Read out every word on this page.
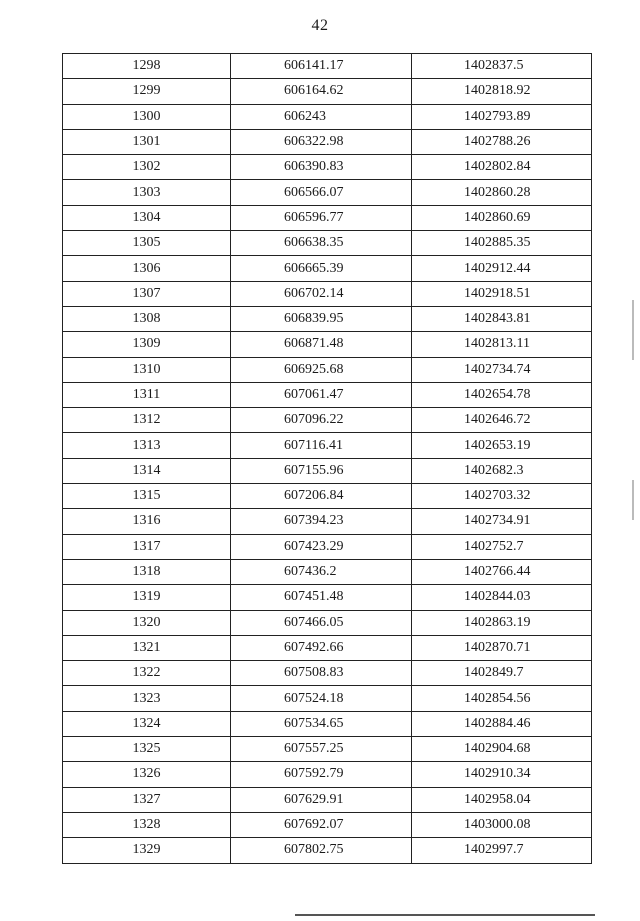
42
1298	606141.17	1402837.5
1299	606164.62	1402818.92
1300	606243	1402793.89
1301	606322.98	1402788.26
1302	606390.83	1402802.84
1303	606566.07	1402860.28
1304	606596.77	1402860.69
1305	606638.35	1402885.35
1306	606665.39	1402912.44
1307	606702.14	1402918.51
1308	606839.95	1402843.81
1309	606871.48	1402813.11
1310	606925.68	1402734.74
1311	607061.47	1402654.78
1312	607096.22	1402646.72
1313	607116.41	1402653.19
1314	607155.96	1402682.3
1315	607206.84	1402703.32
1316	607394.23	1402734.91
1317	607423.29	1402752.7
1318	607436.2	1402766.44
1319	607451.48	1402844.03
1320	607466.05	1402863.19
1321	607492.66	1402870.71
1322	607508.83	1402849.7
1323	607524.18	1402854.56
1324	607534.65	1402884.46
1325	607557.25	1402904.68
1326	607592.79	1402910.34
1327	607629.91	1402958.04
1328	607692.07	1403000.08
1329	607802.75	1402997.7
